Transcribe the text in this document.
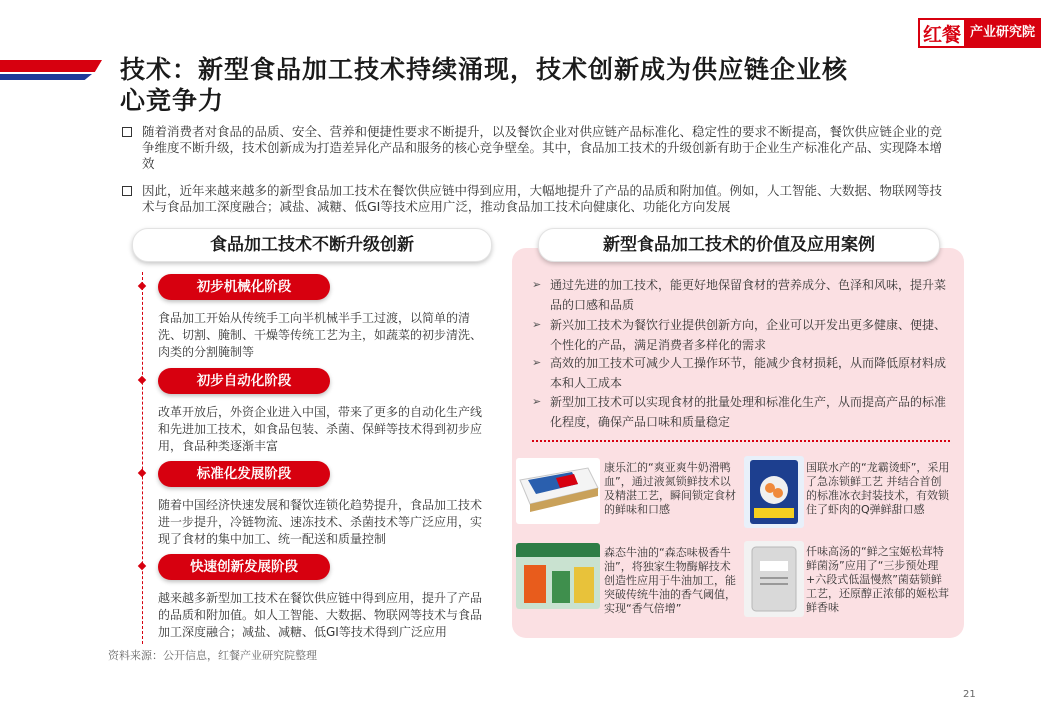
红餐 产业研究院
技术：新型食品加工技术持续涌现，技术创新成为供应链企业核
心竞争力
随着消费者对食品的品质、安全、营养和便捷性要求不断提升，以及餐饮企业对供应链产品标准化、稳定性的要求不断提高，餐饮供应链企业的竞争维度不断升级，技术创新成为打造差异化产品和服务的核心竞争壁垒。其中，食品加工技术的升级创新有助于企业生产标准化产品、实现降本增效
因此，近年来越来越多的新型食品加工技术在餐饮供应链中得到应用，大幅地提升了产品的品质和附加值。例如，人工智能、大数据、物联网等技术与食品加工深度融合；减盐、减糖、低GI等技术应用广泛，推动食品加工技术向健康化、功能化方向发展
食品加工技术不断升级创新
初步机械化阶段
食品加工开始从传统手工向半机械半手工过渡，以简单的清洗、切割、腌制、干燥等传统工艺为主，如蔬菜的初步清洗、肉类的分割腌制等
初步自动化阶段
改革开放后，外资企业进入中国，带来了更多的自动化生产线和先进加工技术，如食品包装、杀菌、保鲜等技术得到初步应用，食品种类逐渐丰富
标准化发展阶段
随着中国经济快速发展和餐饮连锁化趋势提升，食品加工技术进一步提升，冷链物流、速冻技术、杀菌技术等广泛应用，实现了食材的集中加工、统一配送和质量控制
快速创新发展阶段
越来越多新型加工技术在餐饮供应链中得到应用，提升了产品的品质和附加值。如人工智能、大数据、物联网等技术与食品加工深度融合；减盐、减糖、低GI等技术得到广泛应用
新型食品加工技术的价值及应用案例
➢ 通过先进的加工技术，能更好地保留食材的营养成分、色泽和风味，提升菜品的口感和品质
➢ 新兴加工技术为餐饮行业提供创新方向，企业可以开发出更多健康、便捷、个性化的产品，满足消费者多样化的需求
➢ 高效的加工技术可减少人工操作环节，能减少食材损耗，从而降低原材料成本和人工成本
➢ 新型加工技术可以实现食材的批量处理和标准化生产，从而提高产品的标准化程度，确保产品口味和质量稳定
康乐汇的“爽亚爽牛奶滑鸭血”，通过液氮锁鲜技术以及精湛工艺，瞬间锁定食材的鲜味和口感
国联水产的“龙霸烫虾”，采用了急冻锁鲜工艺 并结合首创的标准冰衣封装技术，有效锁住了虾肉的Q弹鲜甜口感
森态牛油的“森态味极香牛油”，将独家生物酶解技术创造性应用于牛油加工，能突破传统牛油的香气阈值，实现“香气倍增”
仟味高汤的“鲜之宝姬松茸特鲜菌汤”应用了“三步预处理+六段式低温慢熬”菌菇锁鲜工艺，还原醇正浓郁的姬松茸鲜香味
资料来源：公开信息，红餐产业研究院整理
21
